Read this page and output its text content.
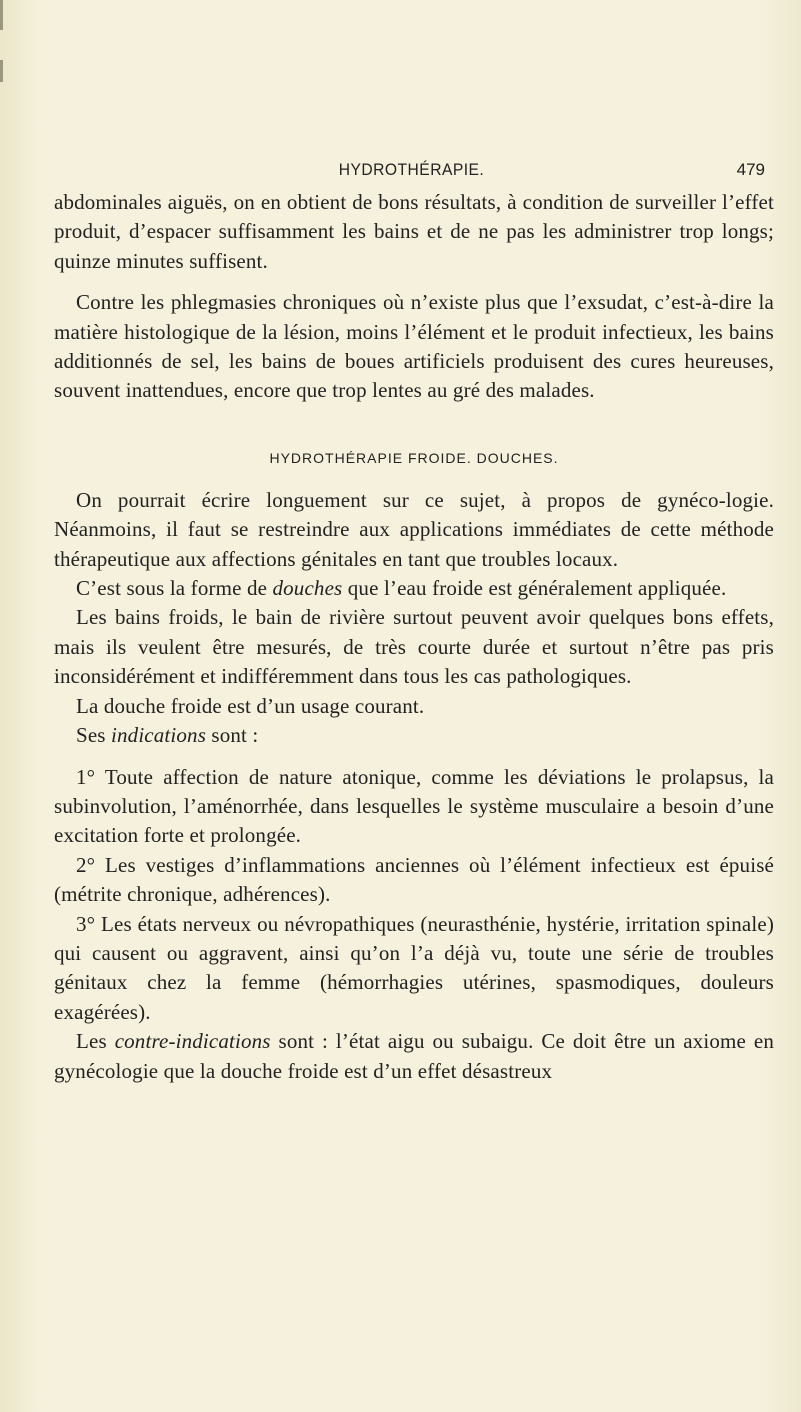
HYDROTHÉRAPIE.	479

abdominales aiguës, on en obtient de bons résultats, à condition de surveiller l’effet produit, d’espacer suffisamment les bains et de ne pas les administrer trop longs; quinze minutes suffisent.

Contre les phlegmasies chroniques où n’existe plus que l’exsudat, c’est-à-dire la matière histologique de la lésion, moins l’élément et le produit infectieux, les bains additionnés de sel, les bains de boues artificiels produisent des cures heureuses, souvent inattendues, encore que trop lentes au gré des malades.

HYDROTHÉRAPIE FROIDE. DOUCHES.

On pourrait écrire longuement sur ce sujet, à propos de gynéco-logie. Néanmoins, il faut se restreindre aux applications immédiates de cette méthode thérapeutique aux affections génitales en tant que troubles locaux.

C’est sous la forme de douches que l’eau froide est généralement appliquée.

Les bains froids, le bain de rivière surtout peuvent avoir quelques bons effets, mais ils veulent être mesurés, de très courte durée et surtout n’être pas pris inconsidérément et indifféremment dans tous les cas pathologiques.

La douche froide est d’un usage courant.

Ses indications sont :

1° Toute affection de nature atonique, comme les déviations le prolapsus, la subinvolution, l’aménorrhée, dans lesquelles le système musculaire a besoin d’une excitation forte et prolongée.

2° Les vestiges d’inflammations anciennes où l’élément infectieux est épuisé (métrite chronique, adhérences).

3° Les états nerveux ou névropathiques (neurasthénie, hystérie, irritation spinale) qui causent ou aggravent, ainsi qu’on l’a déjà vu, toute une série de troubles génitaux chez la femme (hémorrhagies utérines, spasmodiques, douleurs exagérées).

Les contre-indications sont : l’état aigu ou subaigu. Ce doit être un axiome en gynécologie que la douche froide est d’un effet désastreux
